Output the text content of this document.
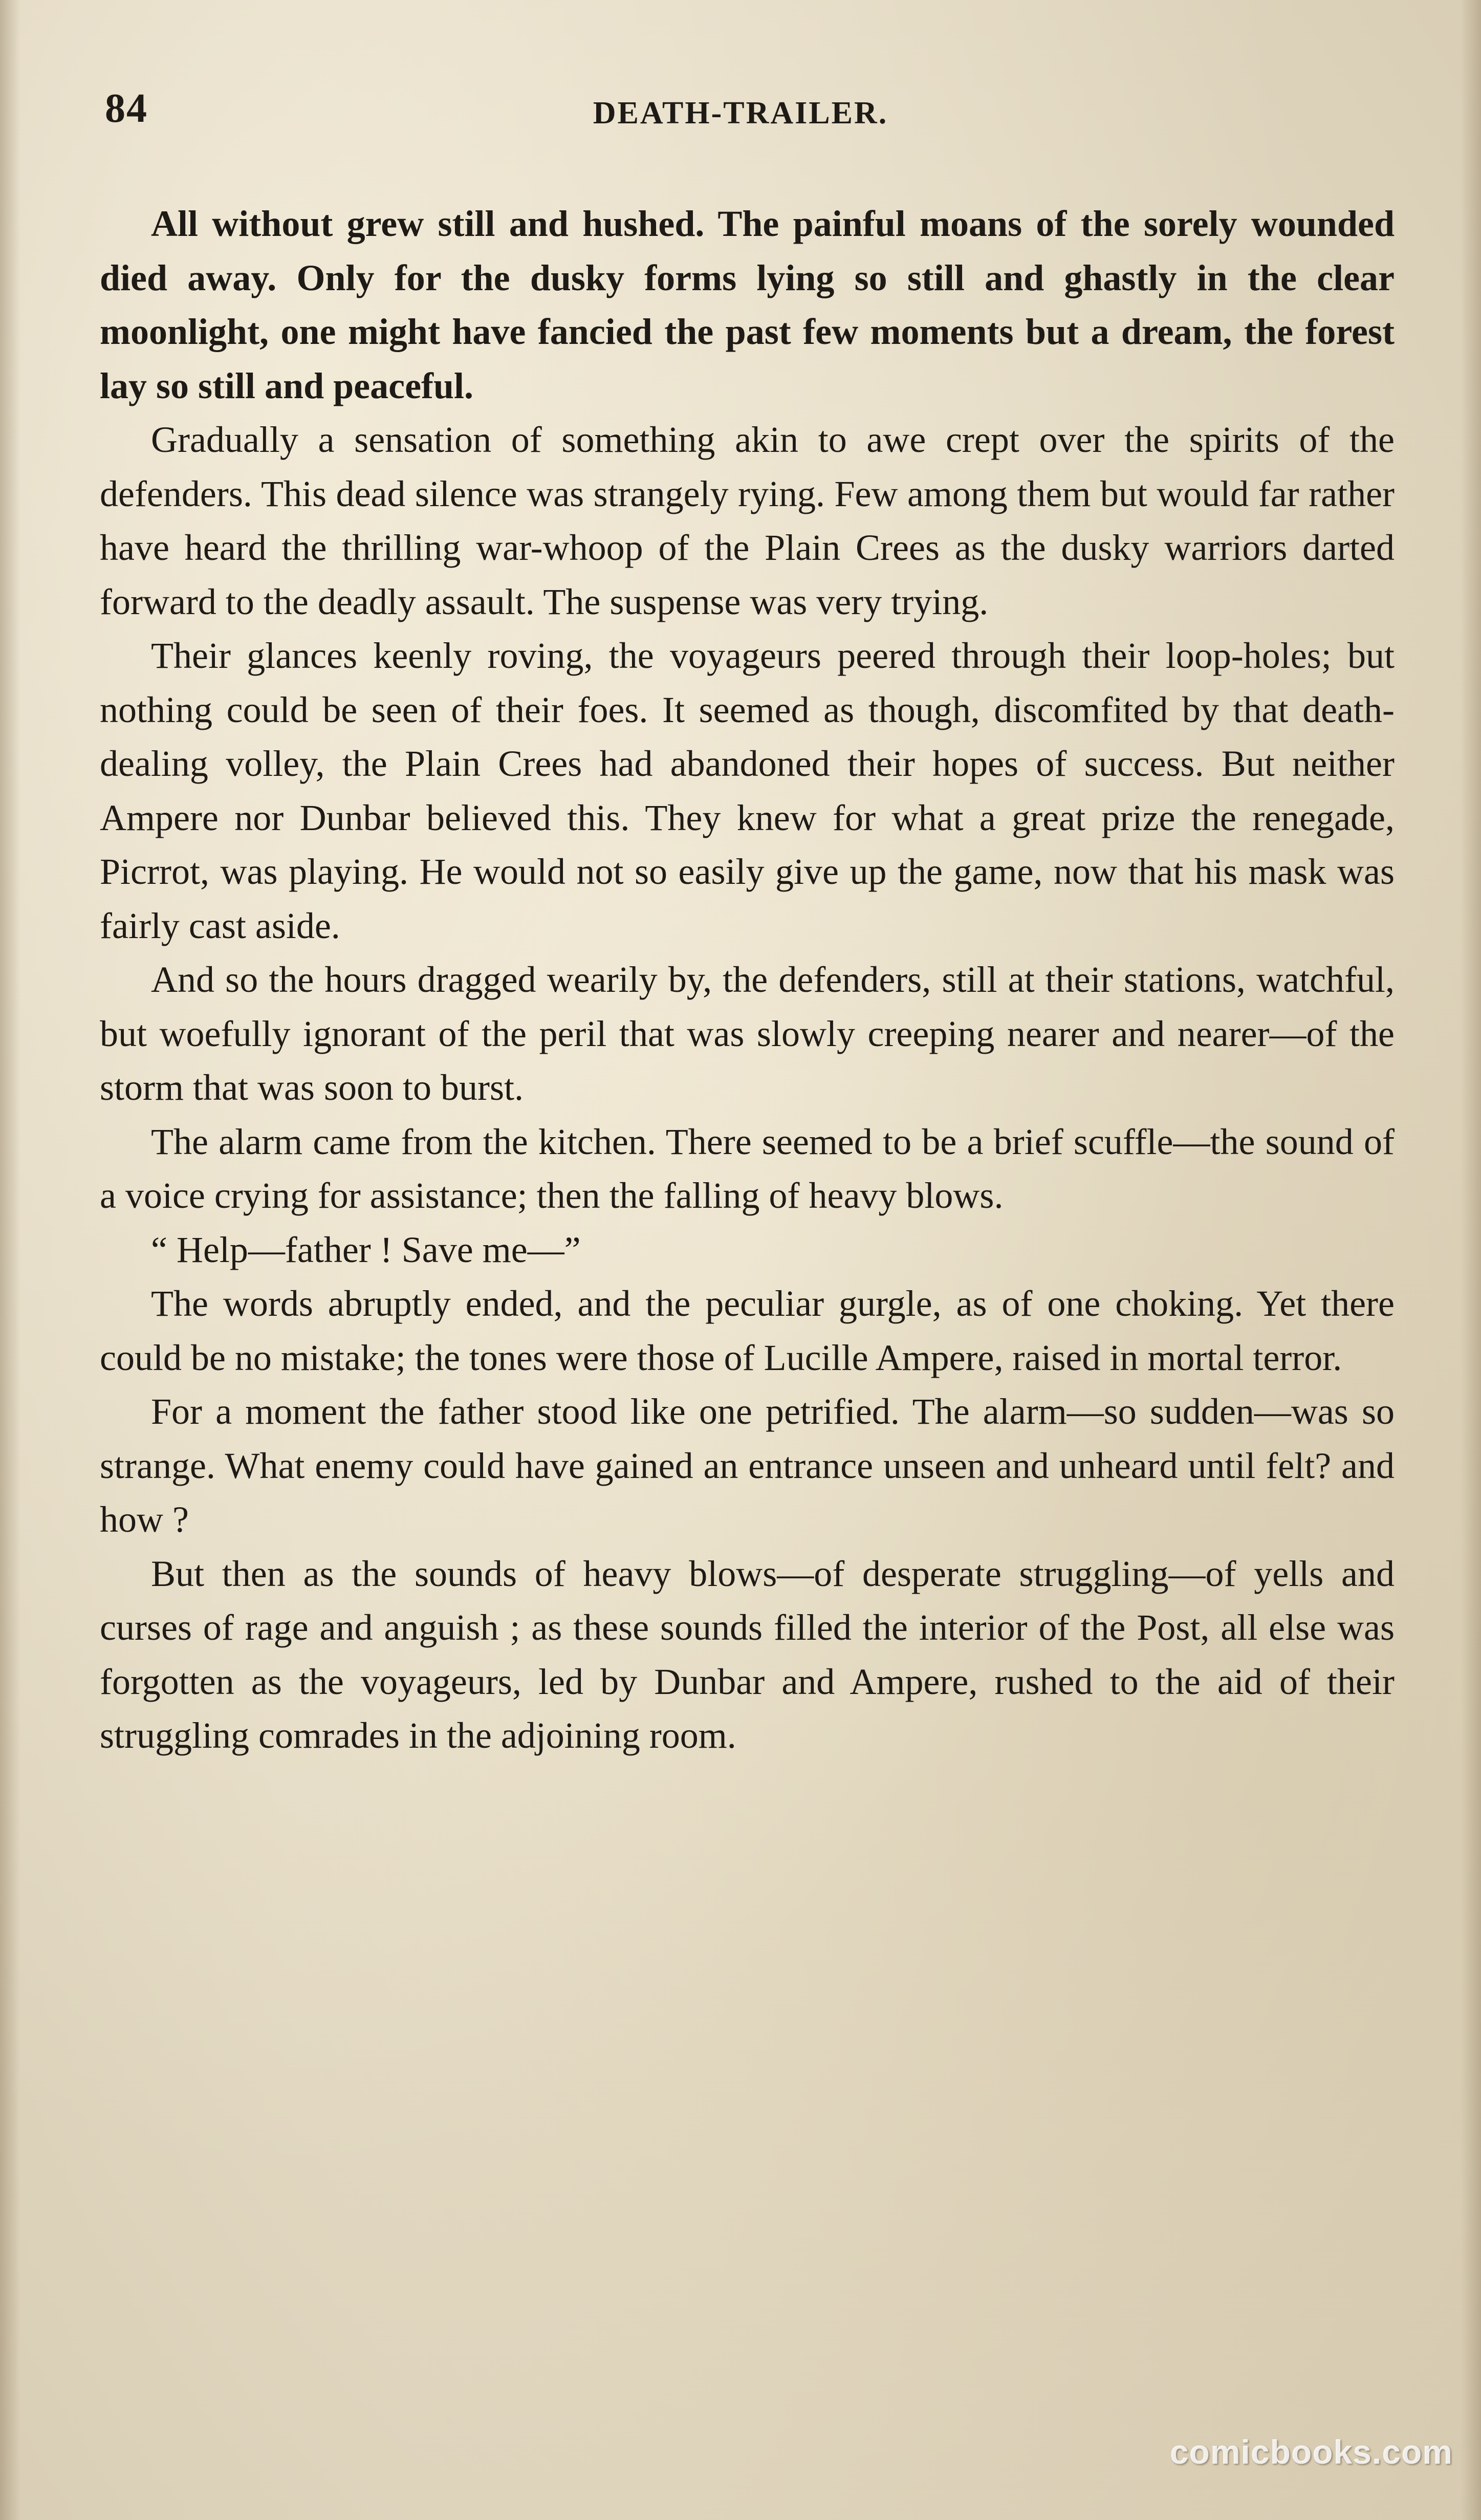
84	DEATH-TRAILER.

All without grew still and hushed. The painful moans of the sorely wounded died away. Only for the dusky forms lying so still and ghastly in the clear moonlight, one might have fancied the past few moments but a dream, the forest lay so still and peaceful.

Gradually a sensation of something akin to awe crept over the spirits of the defenders. This dead silence was strangely rying. Few among them but would far rather have heard the thrilling war-whoop of the Plain Crees as the dusky warriors darted forward to the deadly assault. The suspense was very trying.

Their glances keenly roving, the voyageurs peered through their loop-holes; but nothing could be seen of their foes. It seemed as though, discomfited by that death-dealing volley, the Plain Crees had abandoned their hopes of success. But neither Ampere nor Dunbar believed this. They knew for what a great prize the renegade, Picrrot, was playing. He would not so easily give up the game, now that his mask was fairly cast aside.

And so the hours dragged wearily by, the defenders, still at their stations, watchful, but woefully ignorant of the peril that was slowly creeping nearer and nearer—of the storm that was soon to burst.

The alarm came from the kitchen. There seemed to be a brief scuffle—the sound of a voice crying for assistance; then the falling of heavy blows.

“ Help—father ! Save me—”

The words abruptly ended, and the peculiar gurgle, as of one choking. Yet there could be no mistake; the tones were those of Lucille Ampere, raised in mortal terror.

For a moment the father stood like one petrified. The alarm—so sudden—was so strange. What enemy could have gained an entrance unseen and unheard until felt? and how ?

But then as the sounds of heavy blows—of desperate struggling—of yells and curses of rage and anguish ; as these sounds filled the interior of the Post, all else was forgotten as the voyageurs, led by Dunbar and Ampere, rushed to the aid of their struggling comrades in the adjoining room.

comicbooks.com
